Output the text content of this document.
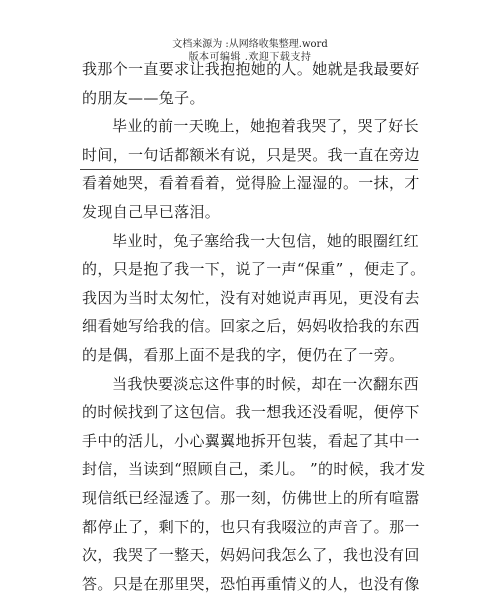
文档来源为 :从网络收集整理.word
版本可编辑 .欢迎下载支持
我那个一直要求让我抱抱她的人。她就是我最要好
的朋友——兔子。
毕业的前一天晚上，她抱着我哭了，哭了好长
时间，一句话都额米有说，只是哭。我一直在旁边
看着她哭，看着看着，觉得脸上湿湿的。一抹，才
发现自己早已落泪。
毕业时，兔子塞给我一大包信，她的眼圈红红
的，只是抱了我一下，说了一声“保重” ，便走了。
我因为当时太匆忙，没有对她说声再见，更没有去
细看她写给我的信。回家之后，妈妈收拾我的东西
的是偶，看那上面不是我的字，便仍在了一旁。
当我快要淡忘这件事的时候，却在一次翻东西
的时候找到了这包信。我一想我还没看呢，便停下
手中的活儿，小心翼翼地拆开包装，看起了其中一
封信，当读到“照顾自己，柔儿。 ”的时候，我才发
现信纸已经湿透了。那一刻，仿佛世上的所有喧嚣
都停止了，剩下的，也只有我啜泣的声音了。那一
次，我哭了一整天，妈妈问我怎么了，我也没有回
答。只是在那里哭，恐怕再重情义的人，也没有像
